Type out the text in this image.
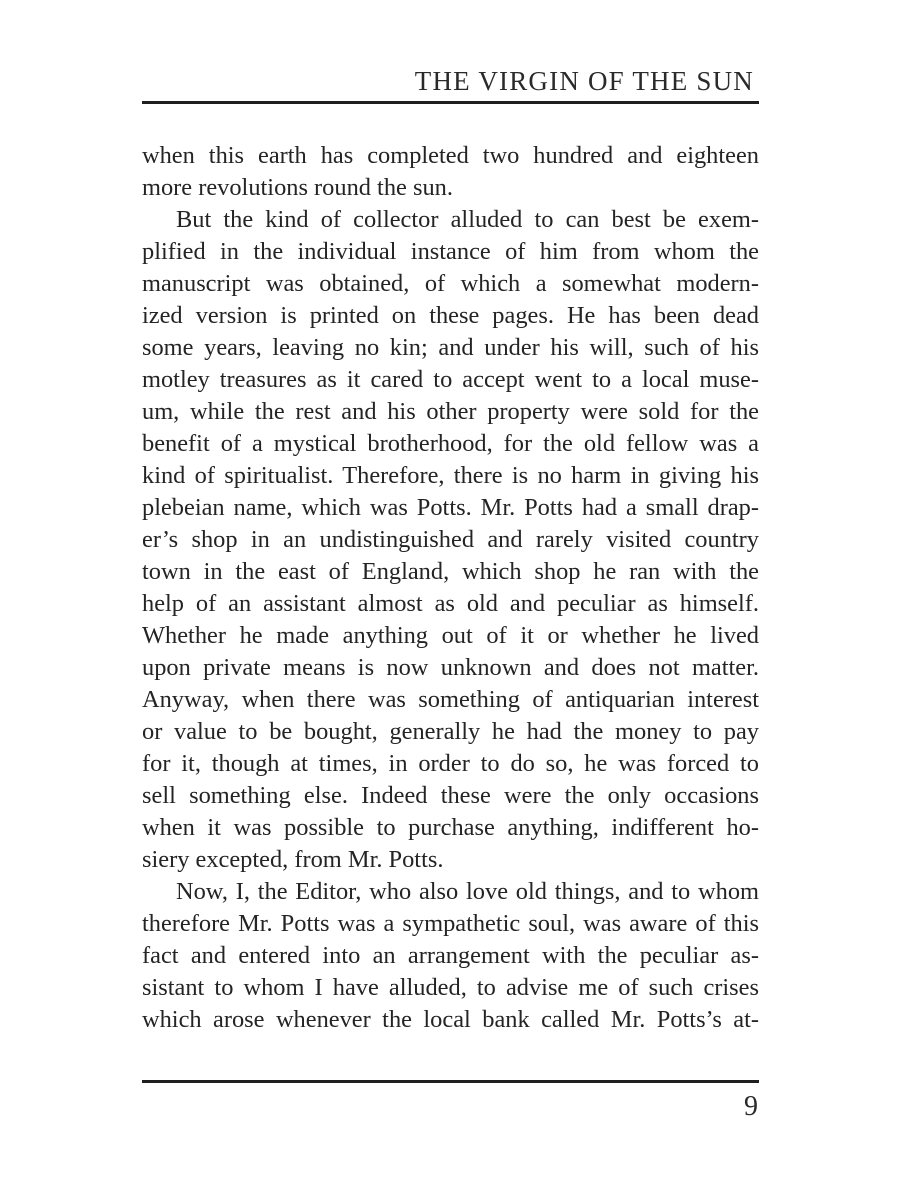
THE VIRGIN OF THE SUN
when this earth has completed two hundred and eighteen
more revolutions round the sun.
But the kind of collector alluded to can best be exem-
plified in the individual instance of him from whom the
manuscript was obtained, of which a somewhat modern-
ized version is printed on these pages. He has been dead
some years, leaving no kin; and under his will, such of his
motley treasures as it cared to accept went to a local muse-
um, while the rest and his other property were sold for the
benefit of a mystical brotherhood, for the old fellow was a
kind of spiritualist. Therefore, there is no harm in giving his
plebeian name, which was Potts. Mr. Potts had a small drap-
er’s shop in an undistinguished and rarely visited country
town in the east of England, which shop he ran with the
help of an assistant almost as old and peculiar as himself.
Whether he made anything out of it or whether he lived
upon private means is now unknown and does not matter.
Anyway, when there was something of antiquarian interest
or value to be bought, generally he had the money to pay
for it, though at times, in order to do so, he was forced to
sell something else. Indeed these were the only occasions
when it was possible to purchase anything, indifferent ho-
siery excepted, from Mr. Potts.
Now, I, the Editor, who also love old things, and to whom
therefore Mr. Potts was a sympathetic soul, was aware of this
fact and entered into an arrangement with the peculiar as-
sistant to whom I have alluded, to advise me of such crises
which arose whenever the local bank called Mr. Potts’s at-
9
